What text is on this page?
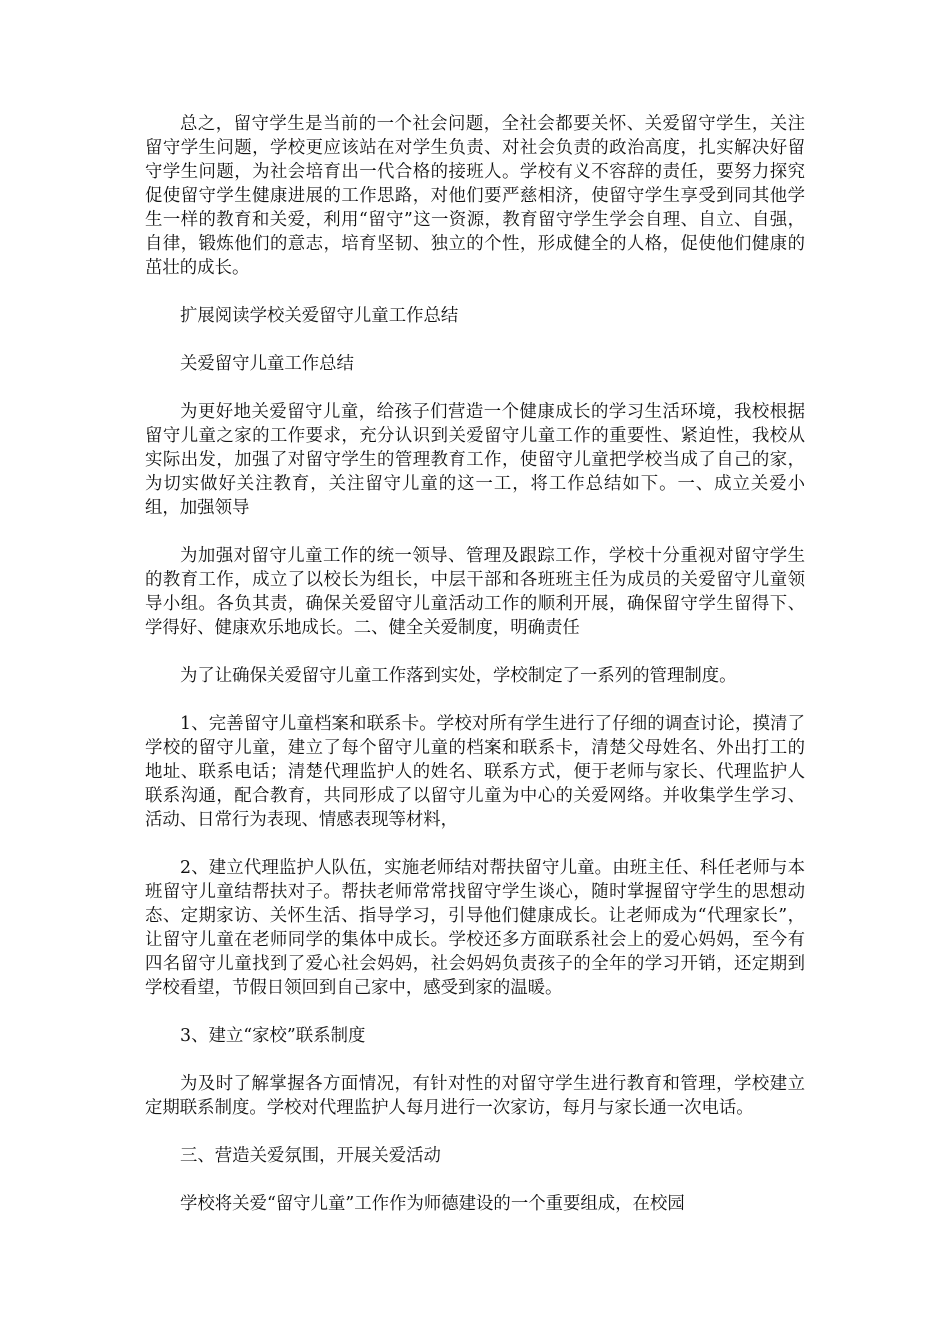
总之，留守学生是当前的一个社会问题，全社会都要关怀、关爱留守学生，关注留守学生问题，学校更应该站在对学生负责、对社会负责的政治高度，扎实解决好留守学生问题，为社会培育出一代合格的接班人。学校有义不容辞的责任，要努力探究促使留守学生健康进展的工作思路，对他们要严慈相济，使留守学生享受到同其他学生一样的教育和关爱，利用“留守”这一资源，教育留守学生学会自理、自立、自强，自律，锻炼他们的意志，培育坚韧、独立的个性，形成健全的人格，促使他们健康的茁壮的成长。

扩展阅读学校关爱留守儿童工作总结

关爱留守儿童工作总结

为更好地关爱留守儿童，给孩子们营造一个健康成长的学习生活环境，我校根据留守儿童之家的工作要求，充分认识到关爱留守儿童工作的重要性、紧迫性，我校从实际出发，加强了对留守学生的管理教育工作，使留守儿童把学校当成了自己的家，为切实做好关注教育，关注留守儿童的这一工，将工作总结如下。一、成立关爱小组，加强领导

为加强对留守儿童工作的统一领导、管理及跟踪工作，学校十分重视对留守学生的教育工作，成立了以校长为组长，中层干部和各班班主任为成员的关爱留守儿童领导小组。各负其责，确保关爱留守儿童活动工作的顺利开展，确保留守学生留得下、学得好、健康欢乐地成长。二、健全关爱制度，明确责任

为了让确保关爱留守儿童工作落到实处，学校制定了一系列的管理制度。

1、完善留守儿童档案和联系卡。学校对所有学生进行了仔细的调查讨论，摸清了学校的留守儿童，建立了每个留守儿童的档案和联系卡，清楚父母姓名、外出打工的地址、联系电话；清楚代理监护人的姓名、联系方式，便于老师与家长、代理监护人联系沟通，配合教育，共同形成了以留守儿童为中心的关爱网络。并收集学生学习、活动、日常行为表现、情感表现等材料，

2、建立代理监护人队伍，实施老师结对帮扶留守儿童。由班主任、科任老师与本班留守儿童结帮扶对子。帮扶老师常常找留守学生谈心，随时掌握留守学生的思想动态、定期家访、关怀生活、指导学习，引导他们健康成长。让老师成为“代理家长”，让留守儿童在老师同学的集体中成长。学校还多方面联系社会上的爱心妈妈，至今有四名留守儿童找到了爱心社会妈妈，社会妈妈负责孩子的全年的学习开销，还定期到学校看望，节假日领回到自己家中，感受到家的温暖。

3、建立“家校”联系制度

为及时了解掌握各方面情况，有针对性的对留守学生进行教育和管理，学校建立定期联系制度。学校对代理监护人每月进行一次家访，每月与家长通一次电话。

三、营造关爱氛围，开展关爱活动

学校将关爱“留守儿童”工作作为师德建设的一个重要组成，在校园
